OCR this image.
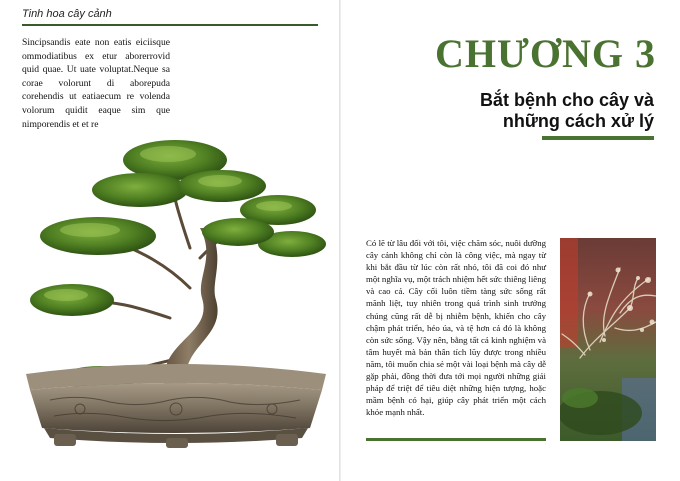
Tinh hoa cây cảnh
Sincipsandis eate non eatis eiciisque ommodiatibus ex etur aborerrovid quid quae. Ut uate voluptat.Neque sa corae volorunt di aborepuda corehendis ut eatiaecum re volenda volorum quidit eaque sim que nimporendis et et re
CHƯƠNG 3
Bắt bệnh cho cây và
những cách xử lý
Có lẽ từ lâu đối với tôi, việc chăm sóc, nuôi dưỡng cây cảnh không chỉ còn là công việc, mà ngay từ khi bắt đầu từ lúc còn rất nhỏ, tôi đã coi đó như một nghĩa vụ, một trách nhiệm hết sức thiêng liêng và cao cả. Cây cối luôn tiềm tàng sức sống rất mãnh liệt, tuy nhiên trong quá trình sinh trưởng chúng cũng rất dễ bị nhiễm bệnh, khiến cho cây chậm phát triển, héo úa, và tệ hơn cả đó là không còn sức sống. Vậy nên, bằng tất cả kinh nghiệm và tâm huyết mà bản thân tích lũy được trong nhiều năm, tôi muốn chia sẻ một vài loại bệnh mà cây dễ gặp phải, đồng thời đưa tới mọi người những giải pháp để triệt để tiêu diệt những hiện tượng, hoặc mầm bệnh có hại, giúp cây phát triển một cách khỏe mạnh nhất.
